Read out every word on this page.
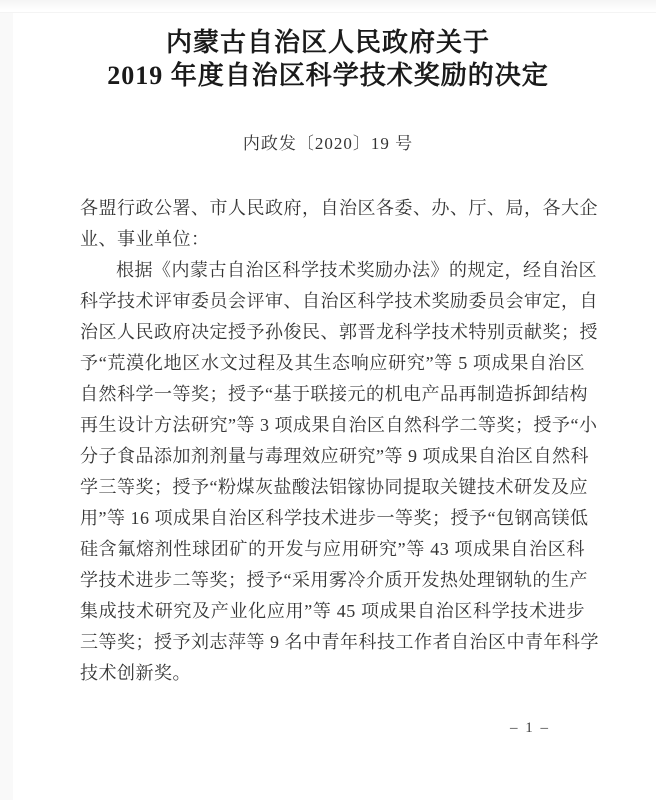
内蒙古自治区人民政府关于
2019 年度自治区科学技术奖励的决定
内政发〔2020〕19 号
各盟行政公署、市人民政府，自治区各委、办、厅、局，各大企
业、事业单位：
根据《内蒙古自治区科学技术奖励办法》的规定，经自治区
科学技术评审委员会评审、自治区科学技术奖励委员会审定，自
治区人民政府决定授予孙俊民、郭晋龙科学技术特别贡献奖；授
予“荒漠化地区水文过程及其生态响应研究”等 5 项成果自治区
自然科学一等奖；授予“基于联接元的机电产品再制造拆卸结构
再生设计方法研究”等 3 项成果自治区自然科学二等奖；授予“小
分子食品添加剂剂量与毒理效应研究”等 9 项成果自治区自然科
学三等奖；授予“粉煤灰盐酸法铝镓协同提取关键技术研发及应
用”等 16 项成果自治区科学技术进步一等奖；授予“包钢高镁低
硅含氟熔剂性球团矿的开发与应用研究”等 43 项成果自治区科
学技术进步二等奖；授予“采用雾冷介质开发热处理钢轨的生产
集成技术研究及产业化应用”等 45 项成果自治区科学技术进步
三等奖；授予刘志萍等 9 名中青年科技工作者自治区中青年科学
技术创新奖。
– 1 –
